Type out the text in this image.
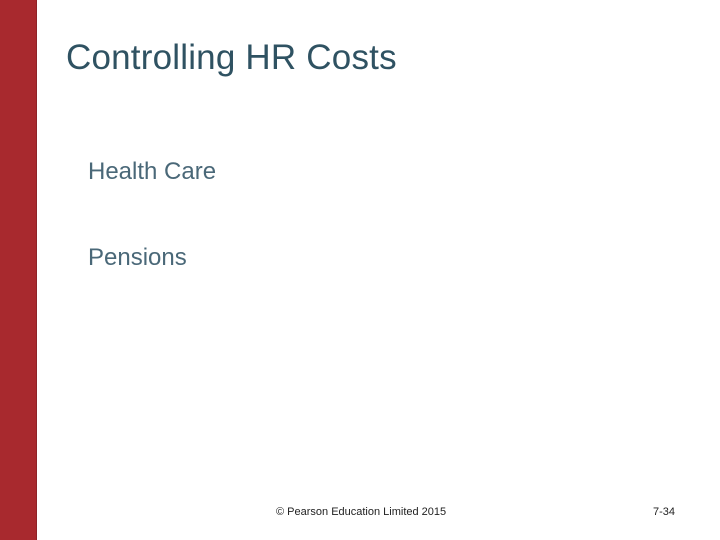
Controlling HR Costs
Health Care
Pensions
© Pearson Education Limited 2015	7-34
